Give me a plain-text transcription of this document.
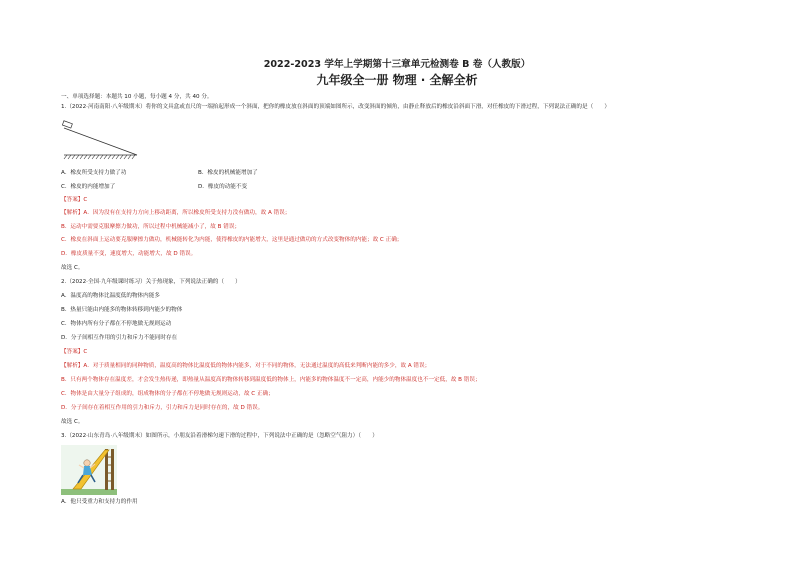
2022-2023 学年上学期第十三章单元检测卷 B 卷（人教版）
九年级全一册 物理 · 全解全析
一、单项选择题：本题共 10 小题，每小题 4 分，共 40 分。
1.（2022·河南南阳·八年级期末）将你的文具盒或直尺的一端抬起形成一个斜面，把你的橡皮放在斜面的顶端如图所示，改变斜面的倾角，由静止释放后的橡皮沿斜面下滑，对任橡皮的下滑过程，下列说法正确的是（　　）
A．橡皮所受支持力做了功	B．橡皮的机械能增加了
C．橡皮的内能增加了	D．橡皮的动能不变
【答案】C
【解析】A．因为没有在支持力方向上移动距离，所以橡皮所受支持力没有做功，故 A 错误；
B．运动中需要克服摩擦力做功，所以过程中机械能减小了，故 B 错误；
C．橡皮在斜面上运动要克服摩擦力做功，机械能转化为内能，使得橡皮的内能增大，这里是通过做功的方式改变物体的内能；故 C 正确；
D．橡皮质量不变，速度增大，动能增大，故 D 错误。
故选 C。
2.（2022·全国·九年级课时练习）关于热现象，下列说法正确的（　　）
A．温度高的物体比温度低的物体内能多
B．热量只能由内能多的物体转移到内能少的物体
C．物体内所有分子都在不停地做无规则运动
D．分子间相互作用的引力和斥力不能同时存在
【答案】C
【解析】A．对于质量相同的同种物质，温度高的物体比温度低的物体内能多，对于不同的物体，无法通过温度的高低来判断内能的多少，故 A 错误；
B．只有两个物体存在温度差，才会发生热传递，即热量从温度高的物体转移到温度低的物体上，内能多的物体温度不一定高，内能少的物体温度也不一定低，故 B 错误；
C．物体是由大量分子组成的，组成物体的分子都在不停地做无规则运动，故 C 正确；
D．分子间存在着相互作用的引力和斥力，引力和斥力是同时存在的，故 D 错误。
故选 C。
3.（2022·山东青岛·八年级期末）如图所示，小朋友沿着滑梯匀速下滑的过程中，下列说法中正确的是（忽略空气阻力）（　　）
A．他只受重力和支持力的作用
